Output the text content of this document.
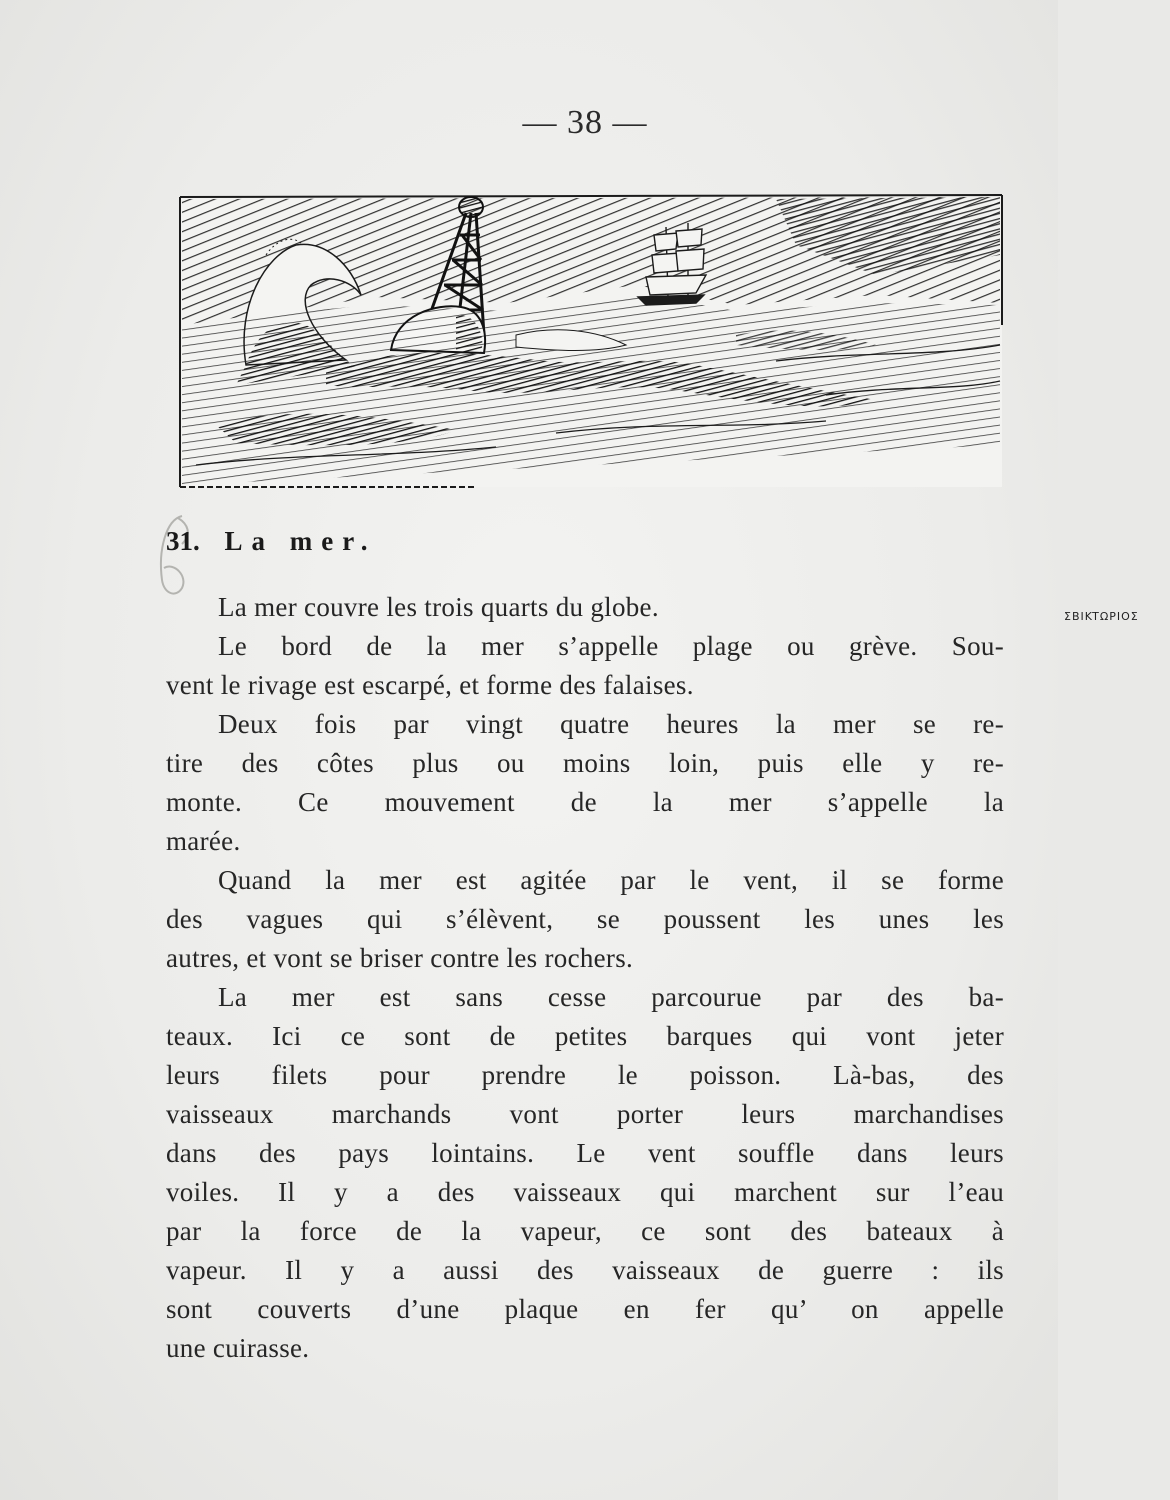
— 38 —
ΣBIKTΩPIOΣ
31. La mer.
La mer couvre les trois quarts du globe.
Le bord de la mer s’appelle plage ou grève. Sou-
vent le rivage est escarpé, et forme des falaises.
Deux fois par vingt quatre heures la mer se re-
tire des côtes plus ou moins loin, puis elle y re-
monte. Ce mouvement de la mer s’appelle la
marée.
Quand la mer est agitée par le vent, il se forme
des vagues qui s’élèvent, se poussent les unes les
autres, et vont se briser contre les rochers.
La mer est sans cesse parcourue par des ba-
teaux. Ici ce sont de petites barques qui vont jeter
leurs filets pour prendre le poisson. Là-bas, des
vaisseaux marchands vont porter leurs marchandises
dans des pays lointains. Le vent souffle dans leurs
voiles. Il y a des vaisseaux qui marchent sur l’eau
par la force de la vapeur, ce sont des bateaux à
vapeur. Il y a aussi des vaisseaux de guerre : ils
sont couverts d’une plaque en fer qu’ on appelle
une cuirasse.
